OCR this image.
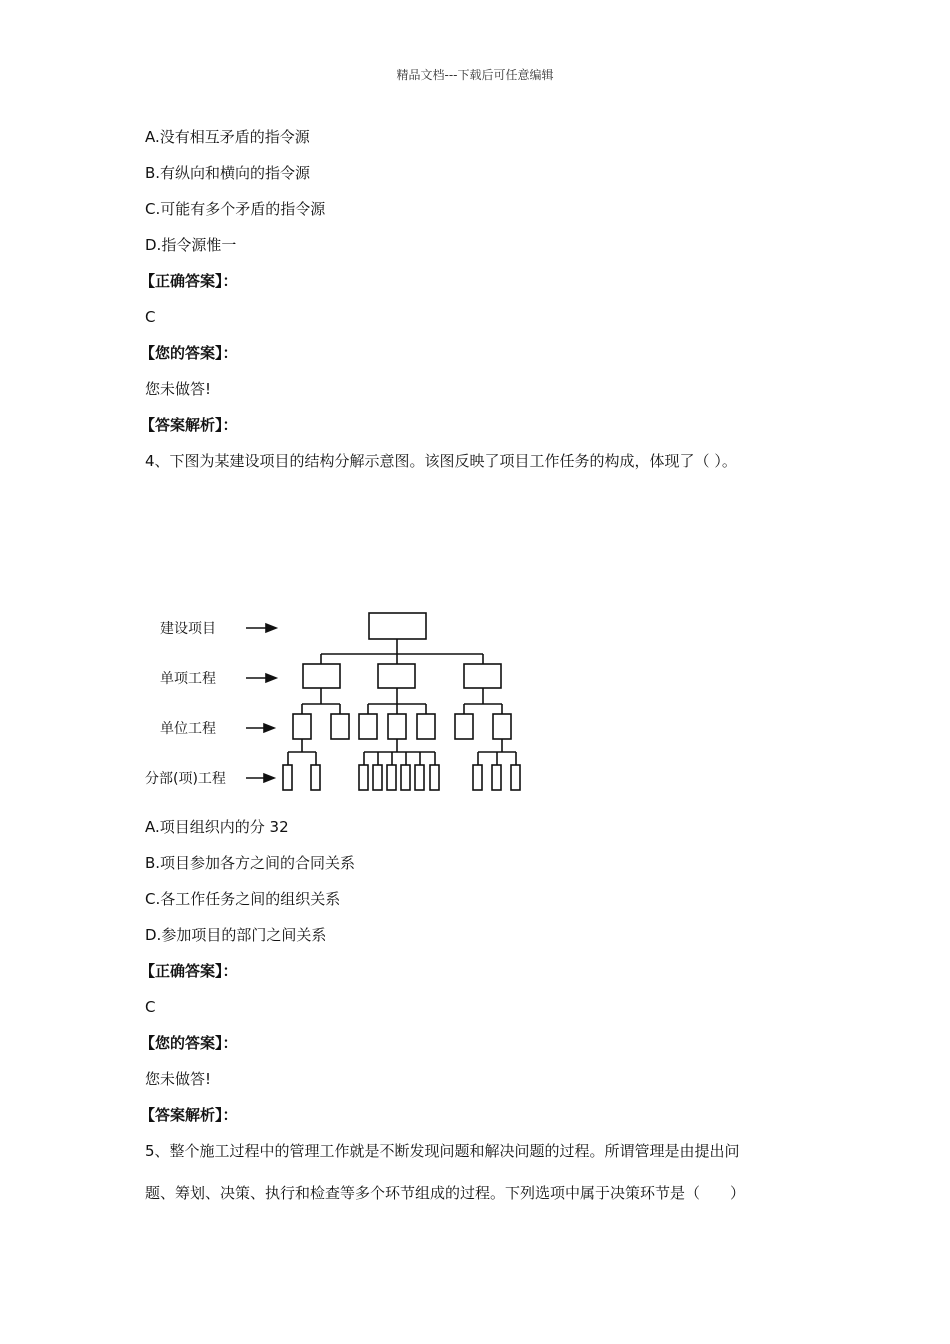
精品文档---下载后可任意编辑
A.没有相互矛盾的指令源
B.有纵向和横向的指令源
C.可能有多个矛盾的指令源
D.指令源惟一
【正确答案】：
C
【您的答案】：
您未做答!
【答案解析】：
4、下图为某建设项目的结构分解示意图。该图反映了项目工作任务的构成，体现了（ ）。
建设项目
单项工程
单位工程
分部(项)工程
A.项目组织内的分 32
B.项目参加各方之间的合同关系
C.各工作任务之间的组织关系
D.参加项目的部门之间关系
【正确答案】：
C
【您的答案】：
您未做答!
【答案解析】：
5、整个施工过程中的管理工作就是不断发现问题和解决问题的过程。所谓管理是由提出问
题、筹划、决策、执行和检查等多个环节组成的过程。下列选项中属于决策环节是（　　）
